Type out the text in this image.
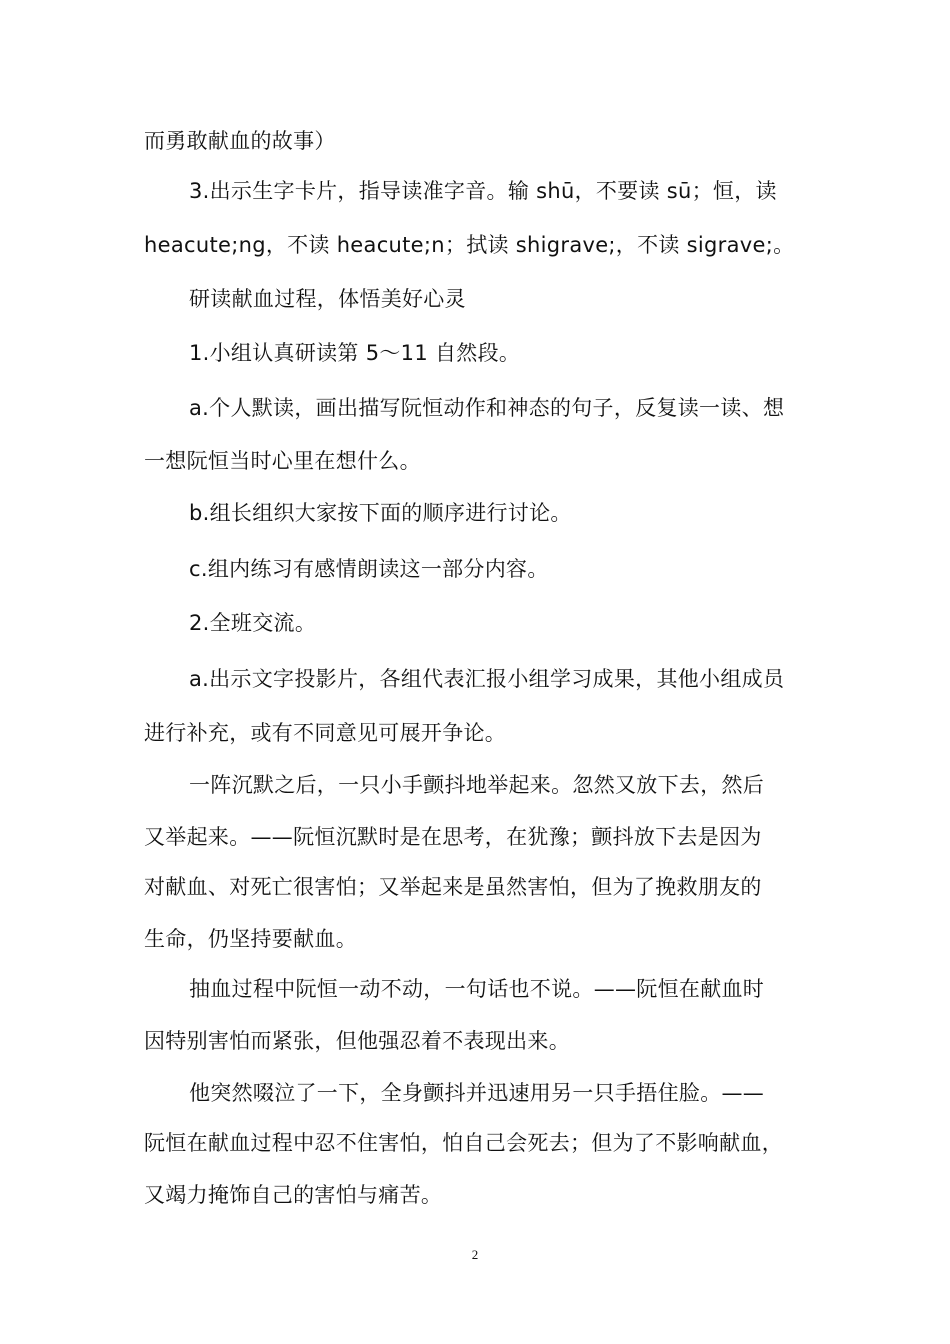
而勇敢献血的故事）
3.出示生字卡片，指导读准字音。输 shū，不要读 sū；恒，读
heacute;ng，不读 heacute;n；拭读 shigrave;，不读 sigrave;。
研读献血过程，体悟美好心灵
1.小组认真研读第 5～11 自然段。
a.个人默读，画出描写阮恒动作和神态的句子，反复读一读、想
一想阮恒当时心里在想什么。
b.组长组织大家按下面的顺序进行讨论。
c.组内练习有感情朗读这一部分内容。
2.全班交流。
a.出示文字投影片，各组代表汇报小组学习成果，其他小组成员
进行补充，或有不同意见可展开争论。
一阵沉默之后，一只小手颤抖地举起来。忽然又放下去，然后
又举起来。——阮恒沉默时是在思考，在犹豫；颤抖放下去是因为
对献血、对死亡很害怕；又举起来是虽然害怕，但为了挽救朋友的
生命，仍坚持要献血。
抽血过程中阮恒一动不动，一句话也不说。——阮恒在献血时
因特别害怕而紧张，但他强忍着不表现出来。
他突然啜泣了一下，全身颤抖并迅速用另一只手捂住脸。——
阮恒在献血过程中忍不住害怕，怕自己会死去；但为了不影响献血，
又竭力掩饰自己的害怕与痛苦。
2
